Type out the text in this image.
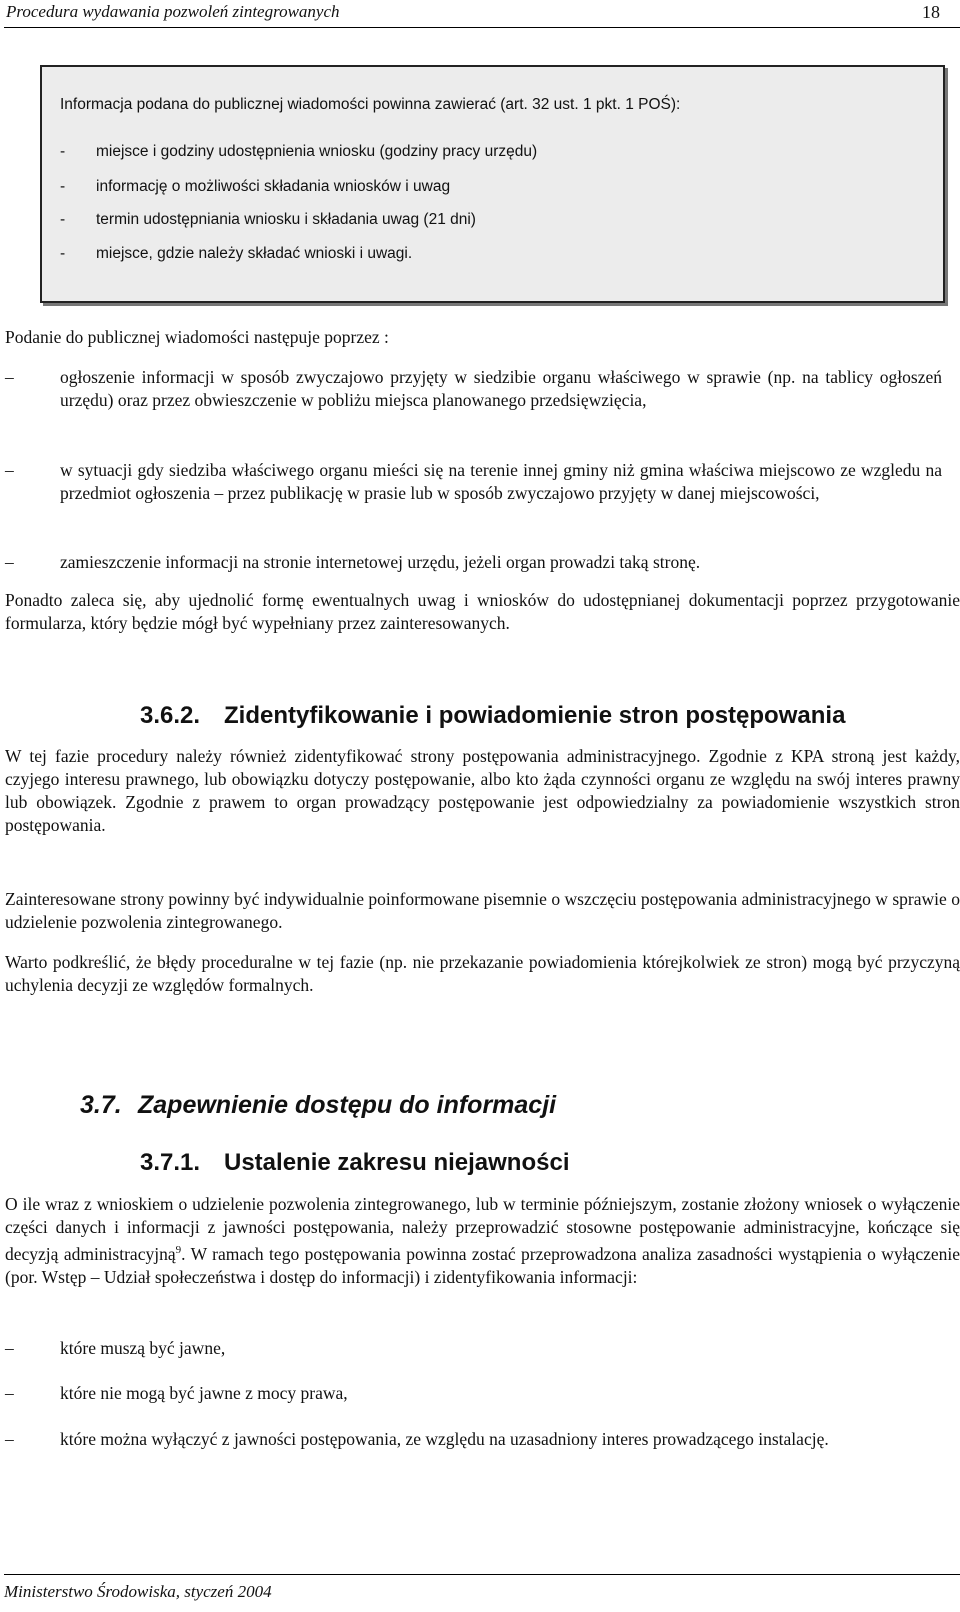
Procedura wydawania pozwoleń zintegrowanych	18
Informacja podana do publicznej wiadomości powinna zawierać (art. 32 ust. 1 pkt. 1 POŚ):
- miejsce i godziny udostępnienia wniosku (godziny pracy urzędu)
- informację o możliwości składania wniosków i uwag
- termin udostępniania wniosku i składania uwag (21 dni)
- miejsce, gdzie należy składać wnioski i uwagi.
Podanie do publicznej wiadomości następuje poprzez :
–	ogłoszenie informacji w sposób zwyczajowo przyjęty w siedzibie organu właściwego w sprawie (np. na tablicy ogłoszeń urzędu) oraz przez obwieszczenie w pobliżu miejsca planowanego przedsięwzięcia,
–	w sytuacji gdy siedziba właściwego organu mieści się na terenie innej gminy niż gmina właściwa miejscowo ze wzgledu na przedmiot ogłoszenia – przez publikację w prasie lub w sposób zwyczajowo przyjęty w danej miejscowości,
–	zamieszczenie informacji na stronie internetowej urzędu, jeżeli organ prowadzi taką stronę.
Ponadto zaleca się, aby ujednolić formę ewentualnych uwag i wniosków do udostępnianej dokumentacji poprzez przygotowanie formularza, który będzie mógł być wypełniany przez zainteresowanych.
3.6.2. Zidentyfikowanie i powiadomienie stron postępowania
W tej fazie procedury należy również zidentyfikować strony postępowania administracyjnego. Zgodnie z KPA stroną jest każdy, czyjego interesu prawnego, lub obowiązku dotyczy postępowanie, albo kto żąda czynności organu ze względu na swój interes prawny lub obowiązek. Zgodnie z prawem to organ prowadzący postępowanie jest odpowiedzialny za powiadomienie wszystkich stron postępowania.
Zainteresowane strony powinny być indywidualnie poinformowane pisemnie o wszczęciu postępowania administracyjnego w sprawie o udzielenie pozwolenia zintegrowanego.
Warto podkreślić, że błędy proceduralne w tej fazie (np. nie przekazanie powiadomienia którejkolwiek ze stron) mogą być przyczyną uchylenia decyzji ze względów formalnych.
3.7. Zapewnienie dostępu do informacji
3.7.1. Ustalenie zakresu niejawności
O ile wraz z wnioskiem o udzielenie pozwolenia zintegrowanego, lub w terminie późniejszym, zostanie złożony wniosek o wyłączenie części danych i informacji z jawności postępowania, należy przeprowadzić stosowne postępowanie administracyjne, kończące się decyzją administracyjną$^9$. W ramach tego postępowania powinna zostać przeprowadzona analiza zasadności wystąpienia o wyłączenie (por. Wstęp – Udział społeczeństwa i dostęp do informacji) i zidentyfikowania informacji:
–	które muszą być jawne,
–	które nie mogą być jawne z mocy prawa,
–	które można wyłączyć z jawności postępowania, ze względu na uzasadniony interes prowadzącego instalację.
Ministerstwo Środowiska, styczeń 2004
